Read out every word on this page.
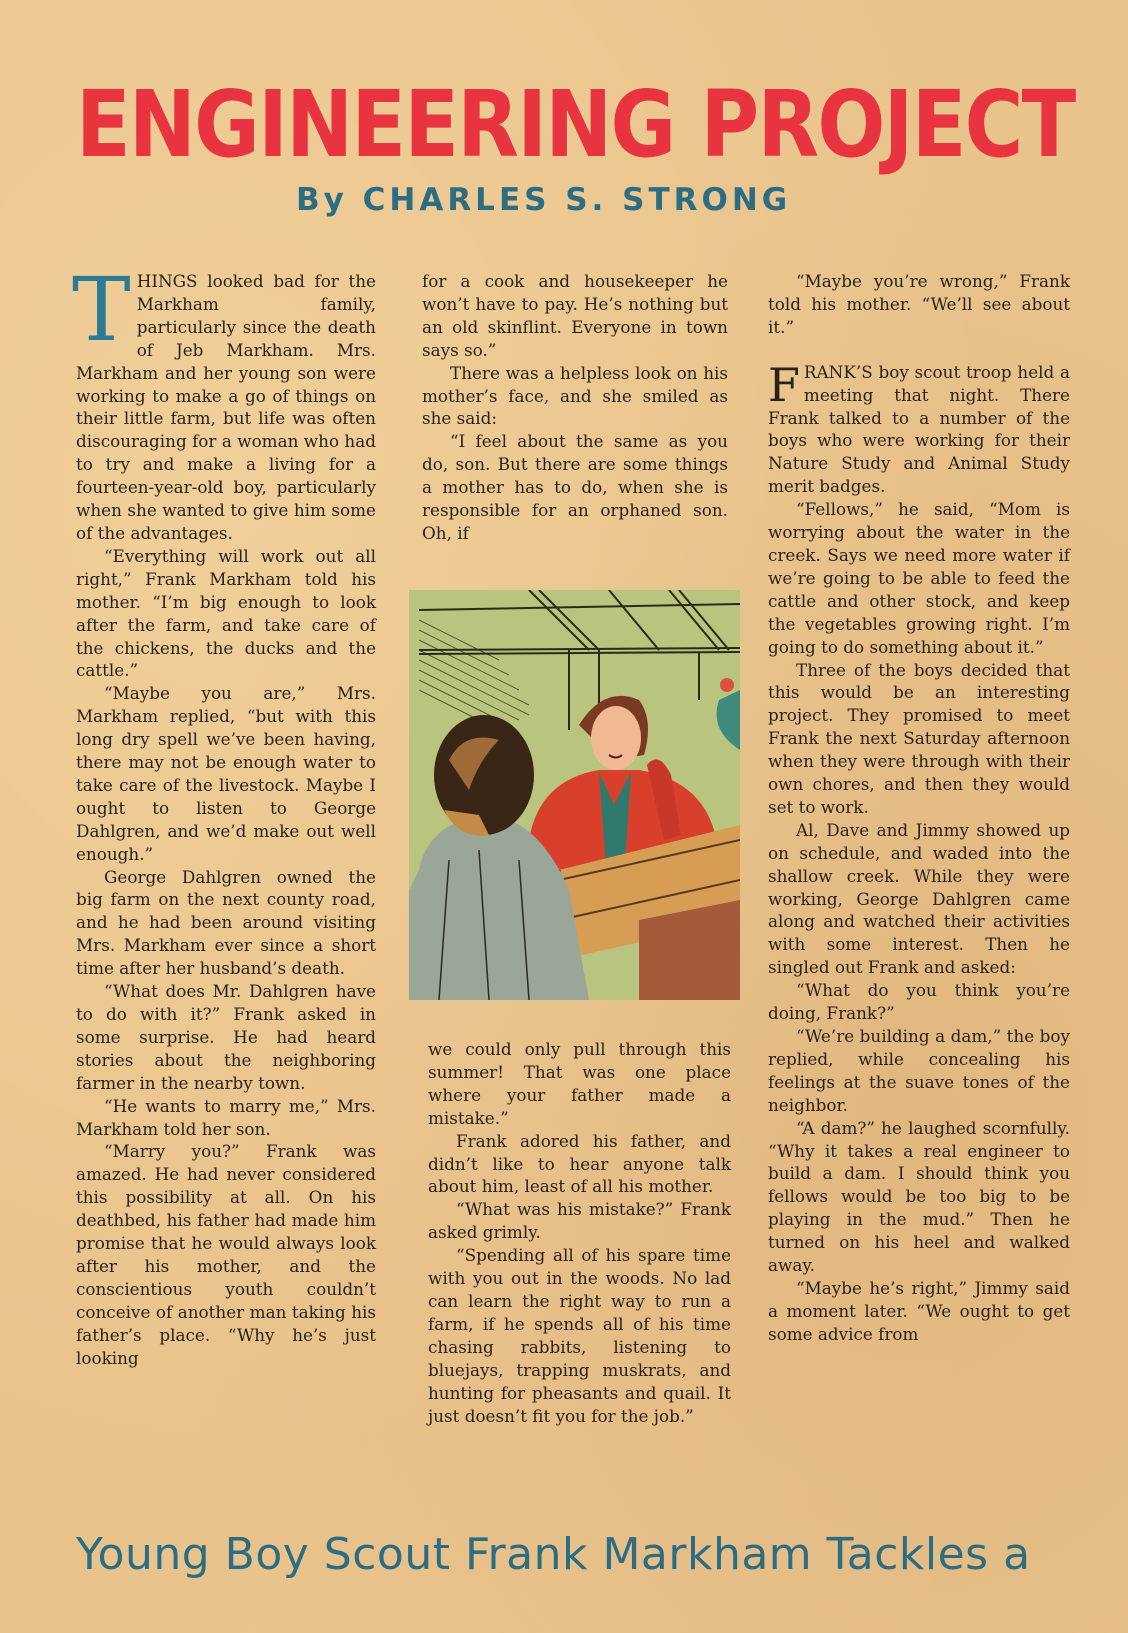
ENGINEERING PROJECT
By CHARLES S. STRONG

THINGS looked bad for the Markham family, particularly since the death of Jeb Markham. Mrs. Markham and her young son were working to make a go of things on their little farm, but life was often discouraging for a woman who had to try and make a living for a fourteen-year-old boy, particularly when she wanted to give him some of the advantages.

“Everything will work out all right,” Frank Markham told his mother. “I’m big enough to look after the farm, and take care of the chickens, the ducks and the cattle.”

“Maybe you are,” Mrs. Markham replied, “but with this long dry spell we’ve been having, there may not be enough water to take care of the livestock. Maybe I ought to listen to George Dahlgren, and we’d make out well enough.”

George Dahlgren owned the big farm on the next county road, and he had been around visiting Mrs. Markham ever since a short time after her husband’s death.

“What does Mr. Dahlgren have to do with it?” Frank asked in some surprise. He had heard stories about the neighboring farmer in the nearby town.

“He wants to marry me,” Mrs. Markham told her son.

“Marry you?” Frank was amazed. He had never considered this possibility at all. On his deathbed, his father had made him promise that he would always look after his mother, and the conscientious youth couldn’t conceive of another man taking his father’s place. “Why he’s just looking

for a cook and housekeeper he won’t have to pay. He’s nothing but an old skinflint. Everyone in town says so.”

There was a helpless look on his mother’s face, and she smiled as she said:

“I feel about the same as you do, son. But there are some things a mother has to do, when she is responsible for an orphaned son. Oh, if

we could only pull through this summer! That was one place where your father made a mistake.”

Frank adored his father, and didn’t like to hear anyone talk about him, least of all his mother.

“What was his mistake?” Frank asked grimly.

“Spending all of his spare time with you out in the woods. No lad can learn the right way to run a farm, if he spends all of his time chasing rabbits, listening to bluejays, trapping muskrats, and hunting for pheasants and quail. It just doesn’t fit you for the job.”

“Maybe you’re wrong,” Frank told his mother. “We’ll see about it.”

FRANK’S boy scout troop held a meeting that night. There Frank talked to a number of the boys who were working for their Nature Study and Animal Study merit badges.

“Fellows,” he said, “Mom is worrying about the water in the creek. Says we need more water if we’re going to be able to feed the cattle and other stock, and keep the vegetables growing right. I’m going to do something about it.”

Three of the boys decided that this would be an interesting project. They promised to meet Frank the next Saturday afternoon when they were through with their own chores, and then they would set to work.

Al, Dave and Jimmy showed up on schedule, and waded into the shallow creek. While they were working, George Dahlgren came along and watched their activities with some interest. Then he singled out Frank and asked:

“What do you think you’re doing, Frank?”

“We’re building a dam,” the boy replied, while concealing his feelings at the suave tones of the neighbor.

“A dam?” he laughed scornfully. “Why it takes a real engineer to build a dam. I should think you fellows would be too big to be playing in the mud.” Then he turned on his heel and walked away.

“Maybe he’s right,” Jimmy said a moment later. “We ought to get some advice from

Young Boy Scout Frank Markham Tackles a
